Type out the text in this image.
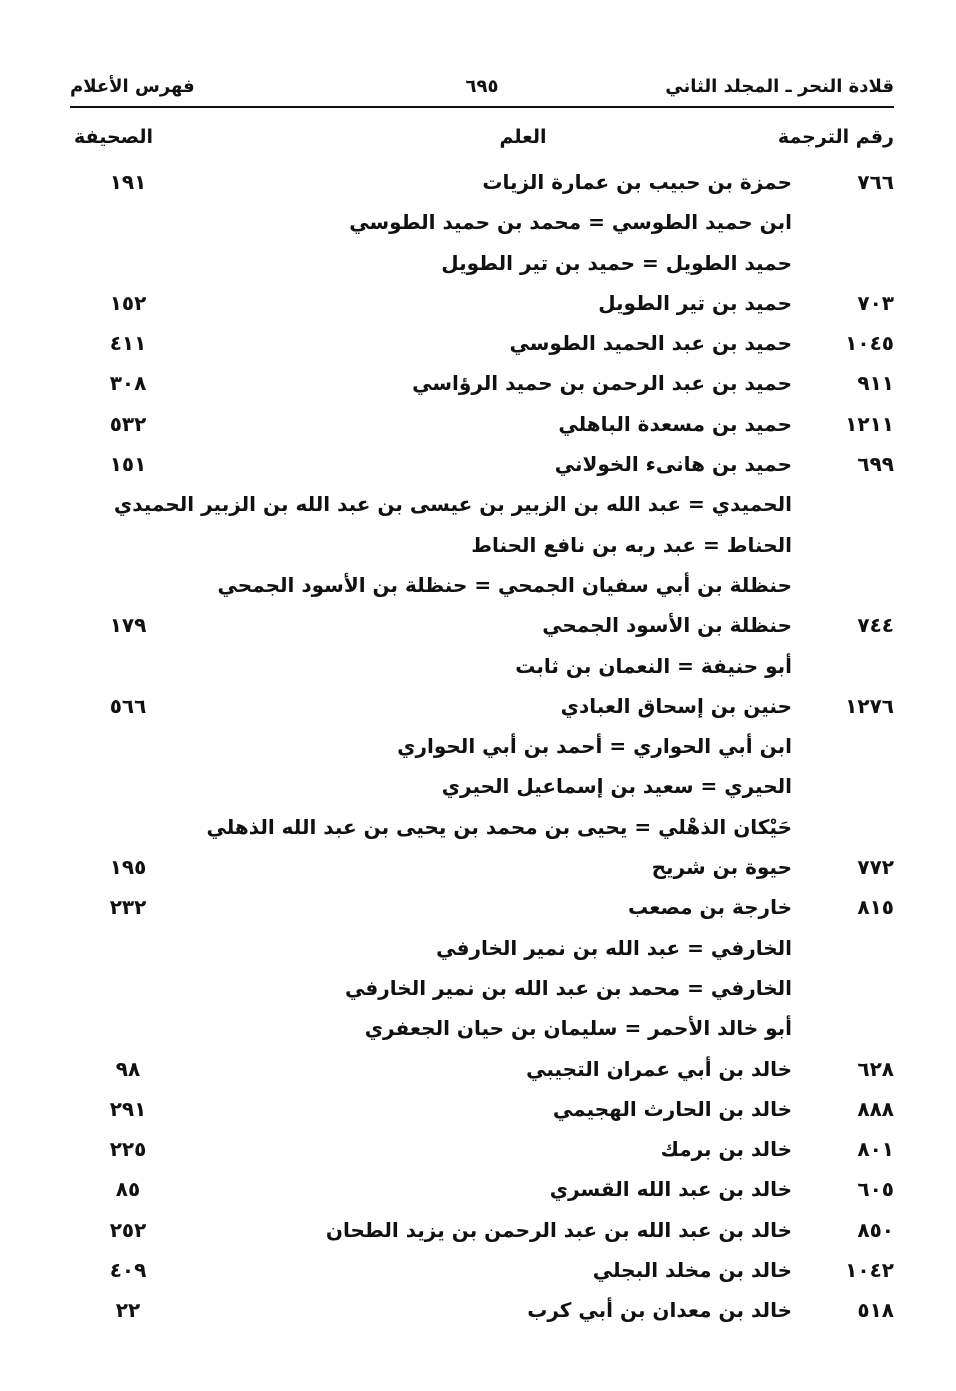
قلادة النحر ـ المجلد الثاني
٦٩٥
فهرس الأعلام
رقم الترجمة
العلم
الصحيفة
٧٦٦
حمزة بن حبيب بن عمارة الزيات
١٩١
ابن حميد الطوسي = محمد بن حميد الطوسي
حميد الطويل = حميد بن تير الطويل
٧٠٣
حميد بن تير الطويل
١٥٢
١٠٤٥
حميد بن عبد الحميد الطوسي
٤١١
٩١١
حميد بن عبد الرحمن بن حميد الرؤاسي
٣٠٨
١٢١١
حميد بن مسعدة الباهلي
٥٣٢
٦٩٩
حميد بن هانىء الخولاني
١٥١
الحميدي = عبد الله بن الزبير بن عيسى بن عبد الله بن الزبير الحميدي
الحناط = عبد ربه بن نافع الحناط
حنظلة بن أبي سفيان الجمحي = حنظلة بن الأسود الجمحي
٧٤٤
حنظلة بن الأسود الجمحي
١٧٩
أبو حنيفة = النعمان بن ثابت
١٢٧٦
حنين بن إسحاق العبادي
٥٦٦
ابن أبي الحواري = أحمد بن أبي الحواري
الحيري = سعيد بن إسماعيل الحيري
حَيْكان الذهْلي = يحيى بن محمد بن يحيى بن عبد الله الذهلي
٧٧٢
حيوة بن شريح
١٩٥
٨١٥
خارجة بن مصعب
٢٣٢
الخارفي = عبد الله بن نمير الخارفي
الخارفي = محمد بن عبد الله بن نمير الخارفي
أبو خالد الأحمر = سليمان بن حيان الجعفري
٦٢٨
خالد بن أبي عمران التجيبي
٩٨
٨٨٨
خالد بن الحارث الهجيمي
٢٩١
٨٠١
خالد بن برمك
٢٢٥
٦٠٥
خالد بن عبد الله القسري
٨٥
٨٥٠
خالد بن عبد الله بن عبد الرحمن بن يزيد الطحان
٢٥٢
١٠٤٢
خالد بن مخلد البجلي
٤٠٩
٥١٨
خالد بن معدان بن أبي كرب
٢٢
